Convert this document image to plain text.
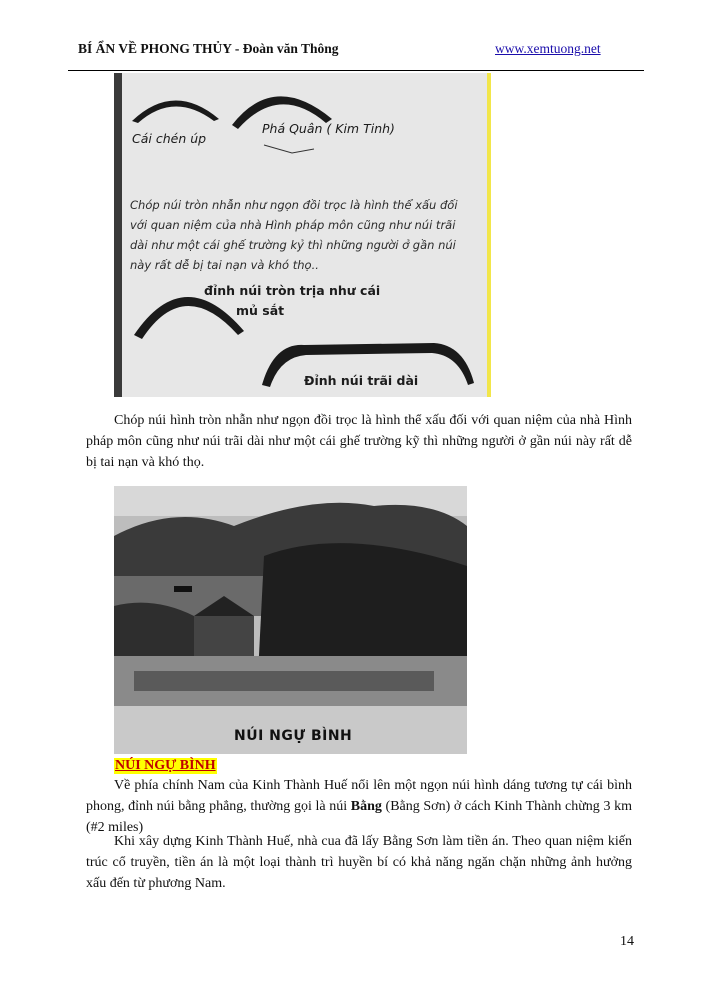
BÍ ẨN VỀ PHONG THỦY - Đoàn văn Thông	www.xemtuong.net
Cái chén úp
Phá Quân ( Kim Tinh)
Chóp núi tròn nhẫn như ngọn đồi trọc là hình thể xấu đối với quan niệm của nhà Hình pháp môn cũng như núi trãi dài như một cái ghế trường kỷ thì những người ở gần núi này rất dễ bị tai nạn và khó thọ..
đỉnh núi tròn trịa như cái
mủ sắt
Đỉnh núi trãi dài
Chóp núi hình tròn nhẫn như ngọn đồi trọc là hình thể xấu đối với quan niệm của nhà Hình pháp môn cũng như núi trãi dài như một cái ghế trường kỹ thì những người ở gần núi này rất dễ bị tai nạn và khó thọ.
NÚI NGỰ BÌNH
NÚI NGỰ BÌNH
Về phía chính Nam của Kinh Thành Huế nổi lên một ngọn núi hình dáng tương tự cái bình phong, đỉnh núi bằng phẳng, thường gọi là núi Bằng (Bằng Sơn) ở cách Kinh Thành chừng 3 km (#2 miles)
Khi xây dựng Kinh Thành Huế, nhà cua đã lấy Bằng Sơn làm tiền án. Theo quan niệm kiến trúc cổ truyền, tiền án là một loại thành trì huyền bí có khả năng ngăn chặn những ảnh hưởng xấu đến từ phương Nam.
14
